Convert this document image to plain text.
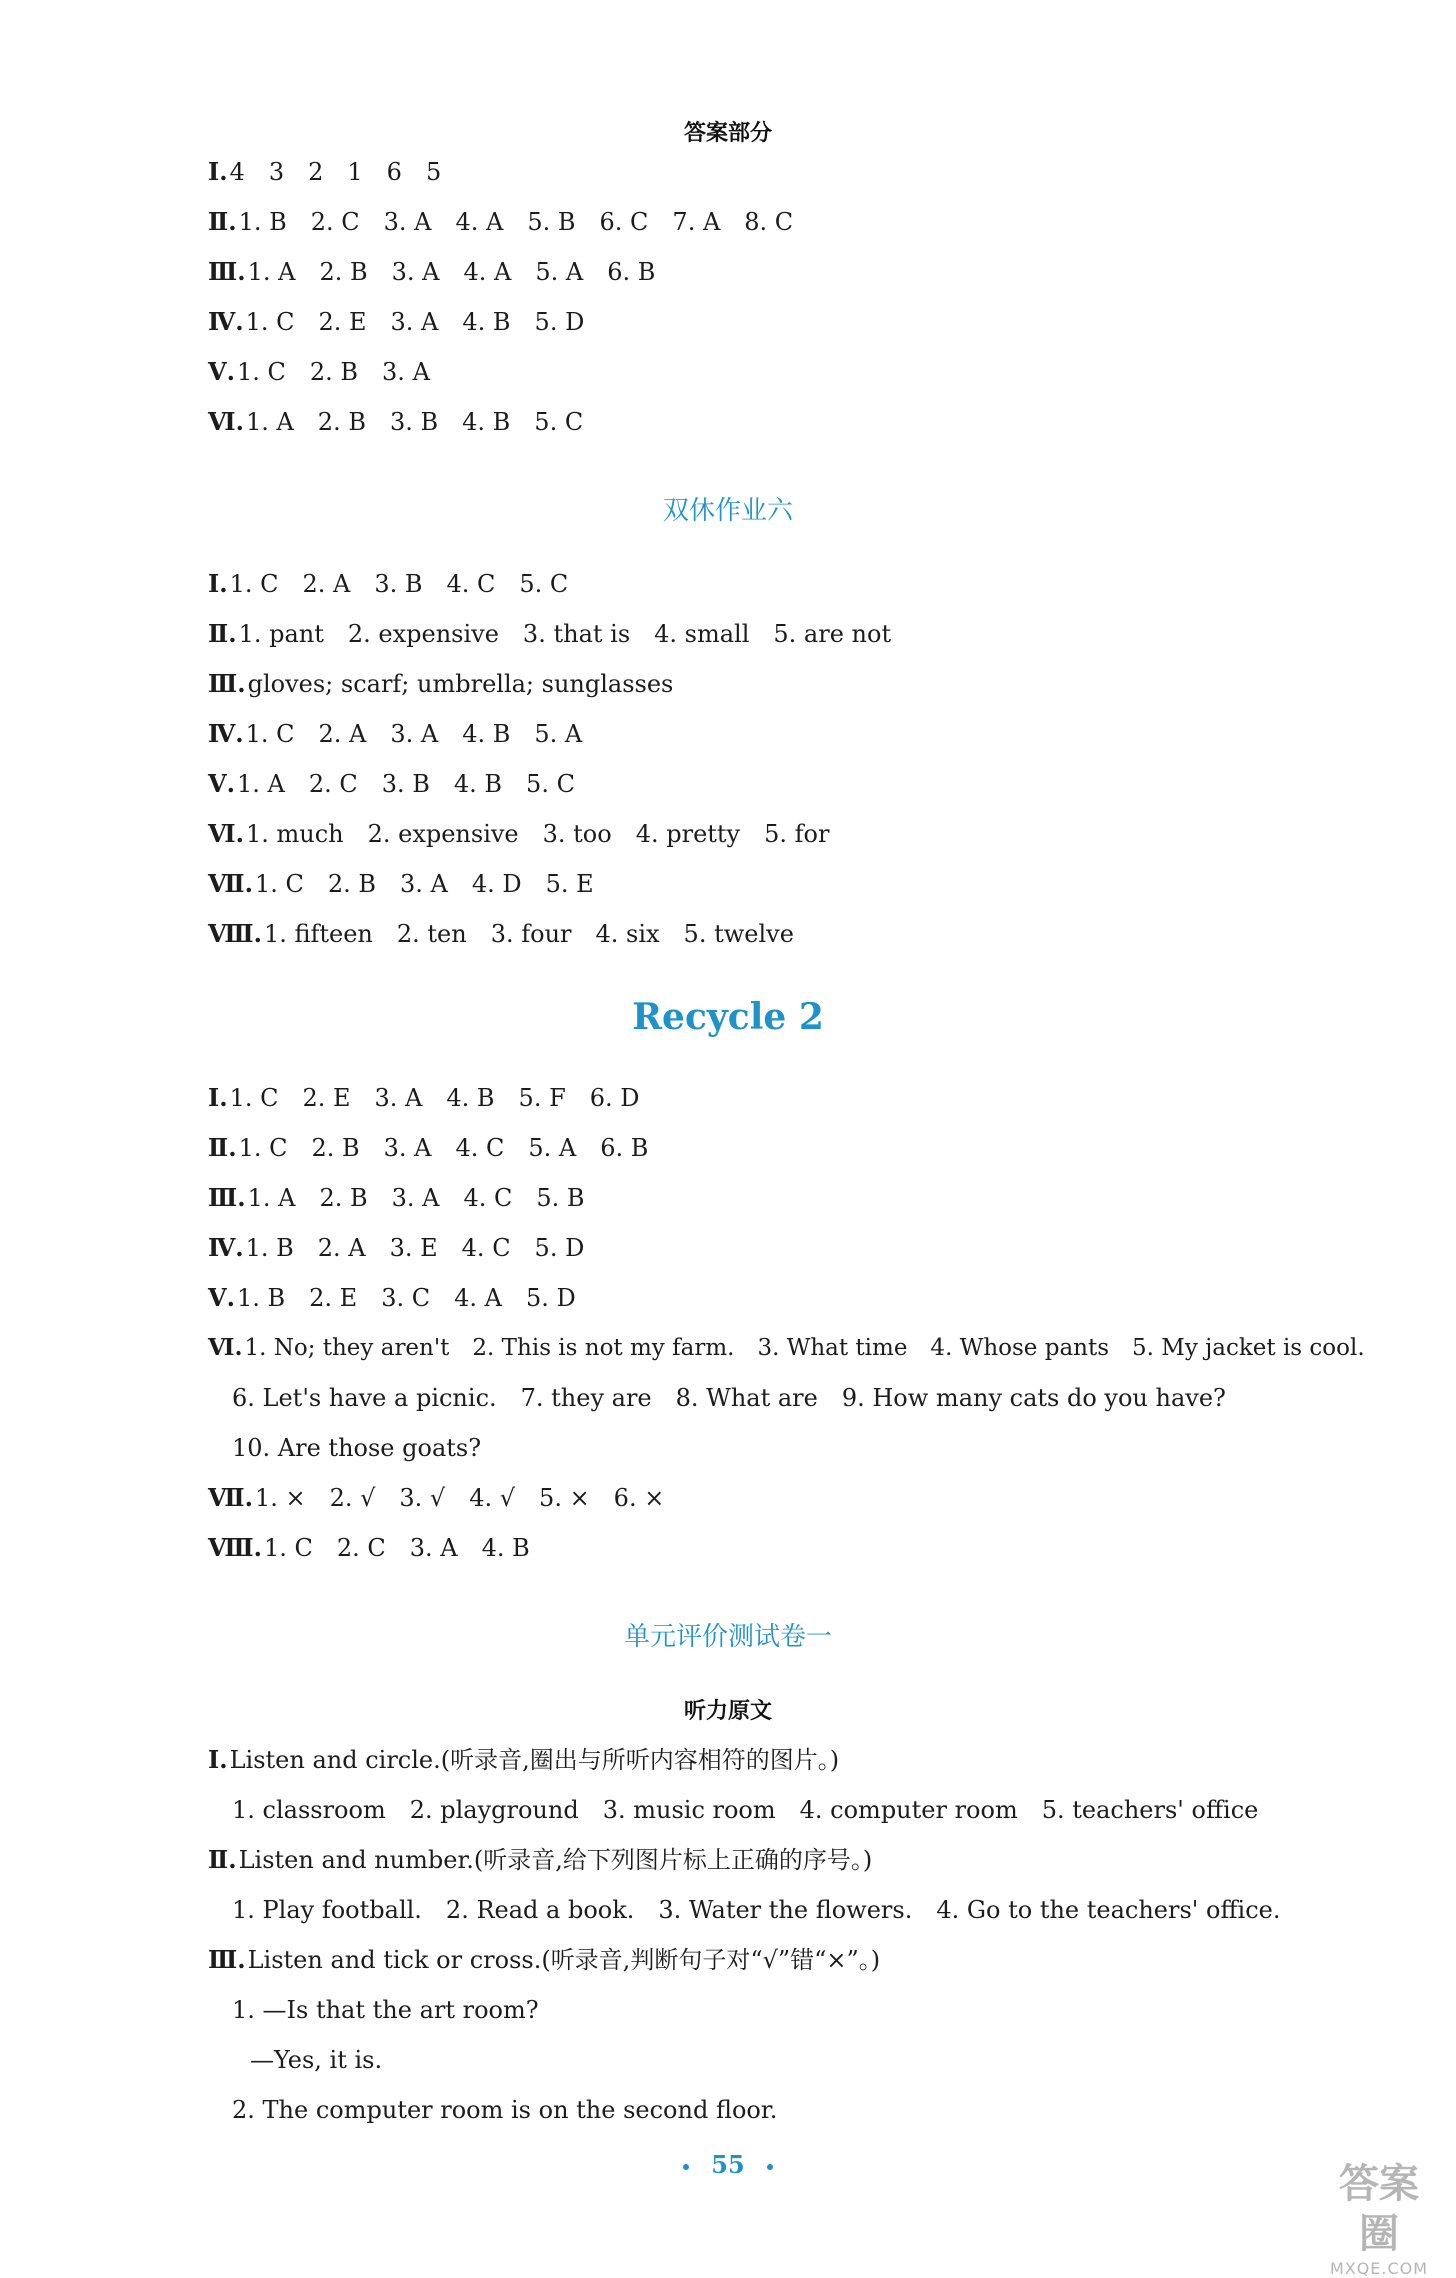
答案部分
Ⅰ.4　3　2　1　6　5
Ⅱ.1. B　2. C　3. A　4. A　5. B　6. C　7. A　8. C
Ⅲ.1. A　2. B　3. A　4. A　5. A　6. B
Ⅳ.1. C　2. E　3. A　4. B　5. D
Ⅴ.1. C　2. B　3. A
Ⅵ.1. A　2. B　3. B　4. B　5. C
双休作业六
Ⅰ.1. C　2. A　3. B　4. C　5. C
Ⅱ.1. pant　2. expensive　3. that is　4. small　5. are not
Ⅲ.gloves; scarf; umbrella; sunglasses
Ⅳ.1. C　2. A　3. A　4. B　5. A
Ⅴ.1. A　2. C　3. B　4. B　5. C
Ⅵ.1. much　2. expensive　3. too　4. pretty　5. for
Ⅶ.1. C　2. B　3. A　4. D　5. E
Ⅷ.1. fifteen　2. ten　3. four　4. six　5. twelve
Recycle 2
Ⅰ.1. C　2. E　3. A　4. B　5. F　6. D
Ⅱ.1. C　2. B　3. A　4. C　5. A　6. B
Ⅲ.1. A　2. B　3. A　4. C　5. B
Ⅳ.1. B　2. A　3. E　4. C　5. D
Ⅴ.1. B　2. E　3. C　4. A　5. D
Ⅵ.1. No; they aren't　2. This is not my farm.　3. What time　4. Whose pants　5. My jacket is cool.
6. Let's have a picnic.　7. they are　8. What are　9. How many cats do you have?
10. Are those goats?
Ⅶ.1. ×　2. √　3. √　4. √　5. ×　6. ×
Ⅷ.1. C　2. C　3. A　4. B
单元评价测试卷一
听力原文
Ⅰ.Listen and circle.(听录音,圈出与所听内容相符的图片。)
1. classroom　2. playground　3. music room　4. computer room　5. teachers' office
Ⅱ.Listen and number.(听录音,给下列图片标上正确的序号。)
1. Play football.　2. Read a book.　3. Water the flowers.　4. Go to the teachers' office.
Ⅲ.Listen and tick or cross.(听录音,判断句子对“√”错“×”。)
1. —Is that the art room?
—Yes, it is.
2. The computer room is on the second floor.
55	答案圈
MXQE.COM
